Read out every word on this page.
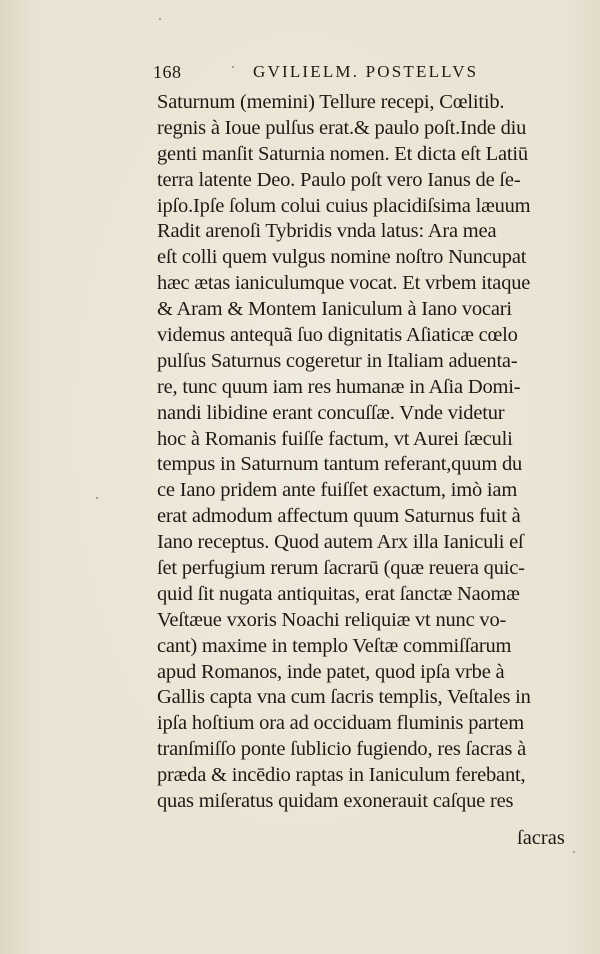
168	GVILIELM. POSTELLVS
Saturnum (memini) Tellure recepi, Cœlitib.
regnis à Ioue pulſus erat.& paulo poſt.Inde diu
genti manſit Saturnia nomen. Et dicta eſt Latiū
terra latente Deo. Paulo poſt vero Ianus de ſe-
ipſo.Ipſe ſolum colui cuius placidiſsima læuum
Radit arenoſi Tybridis vnda latus: Ara mea
eſt colli quem vulgus nomine noſtro Nuncupat
hæc ætas ianiculumque vocat. Et vrbem itaque
& Aram & Montem Ianiculum à Iano vocari
videmus antequã ſuo dignitatis Aſiaticæ cœlo
pulſus Saturnus cogeretur in Italiam aduenta-
re, tunc quum iam res humanæ in Aſia Domi-
nandi libidine erant concuſſæ. Vnde videtur
hoc à Romanis fuiſſe factum, vt Aurei ſæculi
tempus in Saturnum tantum referant,quum du
ce Iano pridem ante fuiſſet exactum, imò iam
erat admodum affectum quum Saturnus fuit à
Iano receptus. Quod autem Arx illa Ianiculi eſ
ſet perfugium rerum ſacrarū (quæ reuera quic-
quid ſit nugata antiquitas, erat ſanctæ Naomæ
Veſtæue vxoris Noachi reliquiæ vt nunc vo-
cant) maxime in templo Veſtæ commiſſarum
apud Romanos, inde patet, quod ipſa vrbe à
Gallis capta vna cum ſacris templis, Veſtales in
ipſa hoſtium ora ad occiduam fluminis partem
tranſmiſſo ponte ſublicio fugiendo, res ſacras à
præda & incēdio raptas in Ianiculum ferebant,
quas miſeratus quidam exonerauit caſque res
ſacras
